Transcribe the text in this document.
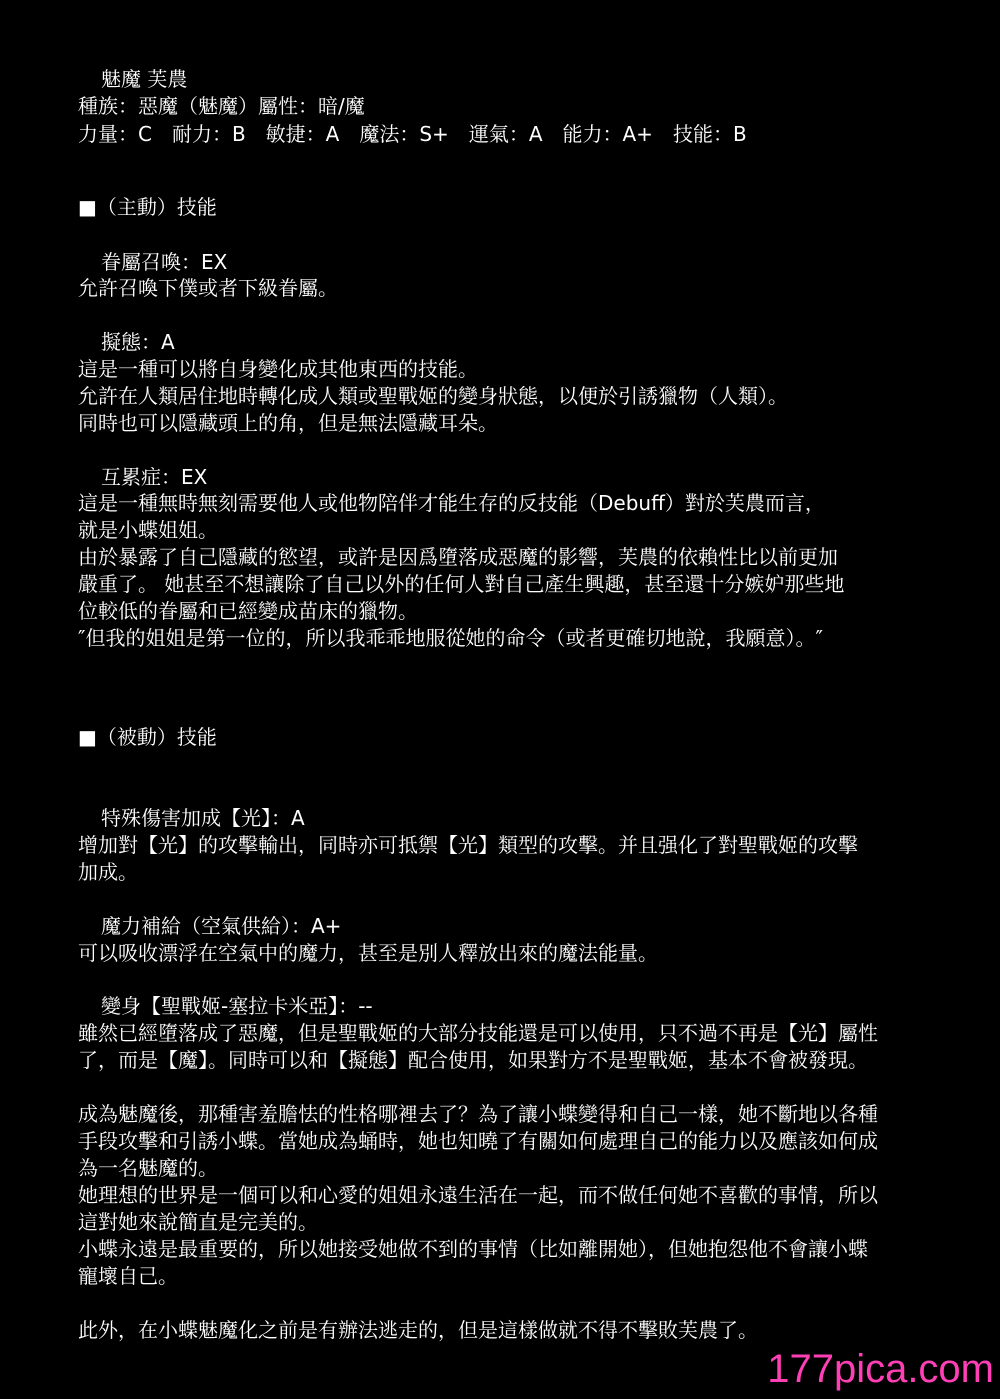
魅魔 芙農
種族：惡魔（魅魔）屬性：暗/魔
力量：C　耐力：B　敏捷：A　魔法：S+　運氣：A　能力：A+　技能：B
■（主動）技能
眷屬召喚：EX
允許召喚下僕或者下級眷屬。
擬態：A
這是一種可以將自身變化成其他東西的技能。
允許在人類居住地時轉化成人類或聖戰姬的變身狀態，以便於引誘獵物（人類）。
同時也可以隱藏頭上的角，但是無法隱藏耳朵。
互累症：EX
這是一種無時無刻需要他人或他物陪伴才能生存的反技能（Debuff）對於芙農而言，
就是小蝶姐姐。
由於暴露了自己隱藏的慾望，或許是因爲墮落成惡魔的影響，芙農的依賴性比以前更加
嚴重了。 她甚至不想讓除了自己以外的任何人對自己產生興趣，甚至還十分嫉妒那些地
位較低的眷屬和已經變成苗床的獵物。
″但我的姐姐是第一位的，所以我乖乖地服從她的命令（或者更確切地說，我願意）。″
■（被動）技能
特殊傷害加成【光】：A
增加對【光】的攻擊輸出，同時亦可抵禦【光】類型的攻擊。并且强化了對聖戰姬的攻擊
加成。
魔力補給（空氣供給）：A+
可以吸收漂浮在空氣中的魔力，甚至是別人釋放出來的魔法能量。
變身【聖戰姬-塞拉卡米亞】：--
雖然已經墮落成了惡魔，但是聖戰姬的大部分技能還是可以使用，只不過不再是【光】屬性
了，而是【魔】。同時可以和【擬態】配合使用，如果對方不是聖戰姬，基本不會被發現。
成為魅魔後，那種害羞膽怯的性格哪裡去了？為了讓小蝶變得和自己一樣，她不斷地以各種
手段攻擊和引誘小蝶。當她成為蛹時，她也知曉了有關如何處理自己的能力以及應該如何成
為一名魅魔的。
她理想的世界是一個可以和心愛的姐姐永遠生活在一起，而不做任何她不喜歡的事情，所以
這對她來說簡直是完美的。
小蝶永遠是最重要的，所以她接受她做不到的事情（比如離開她），但她抱怨他不會讓小蝶
寵壞自己。
此外，在小蝶魅魔化之前是有辦法逃走的，但是這樣做就不得不擊敗芙農了。
177pica.com
